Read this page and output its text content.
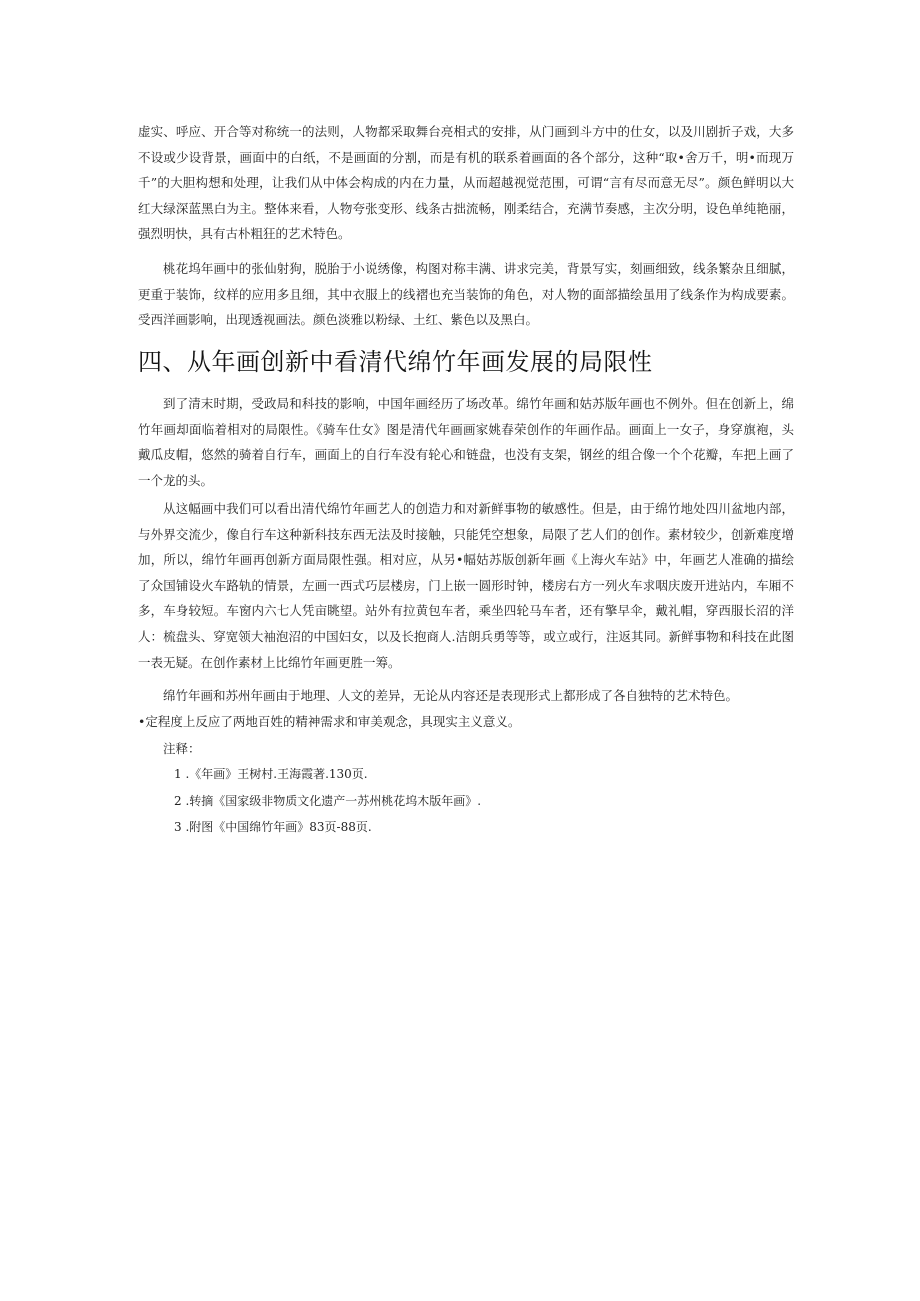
虚实、呼应、开合等对称统一的法则，人物都采取舞台亮相式的安排，从门画到斗方中的仕女，以及川剧折子戏，大多不设或少设背景，画面中的白纸，不是画面的分割，而是有机的联系着画面的各个部分，这种“取•舍万千，明•而现万千”的大胆构想和处理，让我们从中体会构成的内在力量，从而超越视觉范围，可谓“言有尽而意无尽”。颜色鲜明以大红大绿深蓝黑白为主。整体来看，人物夸张变形、线条古拙流畅，刚柔结合，充满节奏感，主次分明，设色单纯艳丽，强烈明快，具有古朴粗狂的艺术特色。

桃花坞年画中的张仙射狗，脱胎于小说绣像，构图对称丰满、讲求完美，背景写实，刻画细致，线条繁杂且细腻，更重于装饰，纹样的应用多且细，其中衣服上的线褶也充当装饰的角色，对人物的面部描绘虽用了线条作为构成要素。受西洋画影响，出现透视画法。颜色淡雅以粉绿、土红、紫色以及黑白。

四、从年画创新中看清代绵竹年画发展的局限性

到了清末时期，受政局和科技的影响，中国年画经历了场改革。绵竹年画和姑苏版年画也不例外。但在创新上，绵竹年画却面临着相对的局限性。《骑车仕女》图是清代年画画家姚春荣创作的年画作品。画面上一女子，身穿旗袍，头戴瓜皮帽，悠然的骑着自行车，画面上的自行车没有轮心和链盘，也没有支架，钢丝的组合像一个个花瓣，车把上画了一个龙的头。

从这幅画中我们可以看出清代绵竹年画艺人的创造力和对新鲜事物的敏感性。但是，由于绵竹地处四川盆地内部，与外界交流少，像自行车这种新科技东西无法及时接触，只能凭空想象，局限了艺人们的创作。素材较少，创新难度增加，所以，绵竹年画再创新方面局限性强。相对应，从另•幅姑苏版创新年画《上海火车站》中，年画艺人准确的描绘了众国铺设火车路轨的情景，左画一西式巧层楼房，门上嵌一圆形时钟，楼房右方一列火车求咽庆废开进站内，车厢不多，车身较短。车窗内六七人凭亩眺望。站外有拉黄包车者，乘坐四轮马车者，还有擎早伞，戴礼帽，穿西服长沼的洋人：梳盘头、穿宽领大袖泡沼的中国妇女，以及长抱商人.洁朗兵勇等等，或立或行，注返其同。新鲜事物和科技在此图一表无疑。在创作素材上比绵竹年画更胜一筹。

绵竹年画和苏州年画由于地理、人文的差异，无论从内容还是表现形式上都形成了各自独特的艺术特色。

•定程度上反应了两地百姓的精神需求和审美观念，具现实主义意义。

注释：

1 .《年画》王树村.王海霞著.130页.

2 .转摘《国家级非物质文化遗产一苏州桃花坞木版年画》.

3 .附图《中国绵竹年画》83页-88页.
